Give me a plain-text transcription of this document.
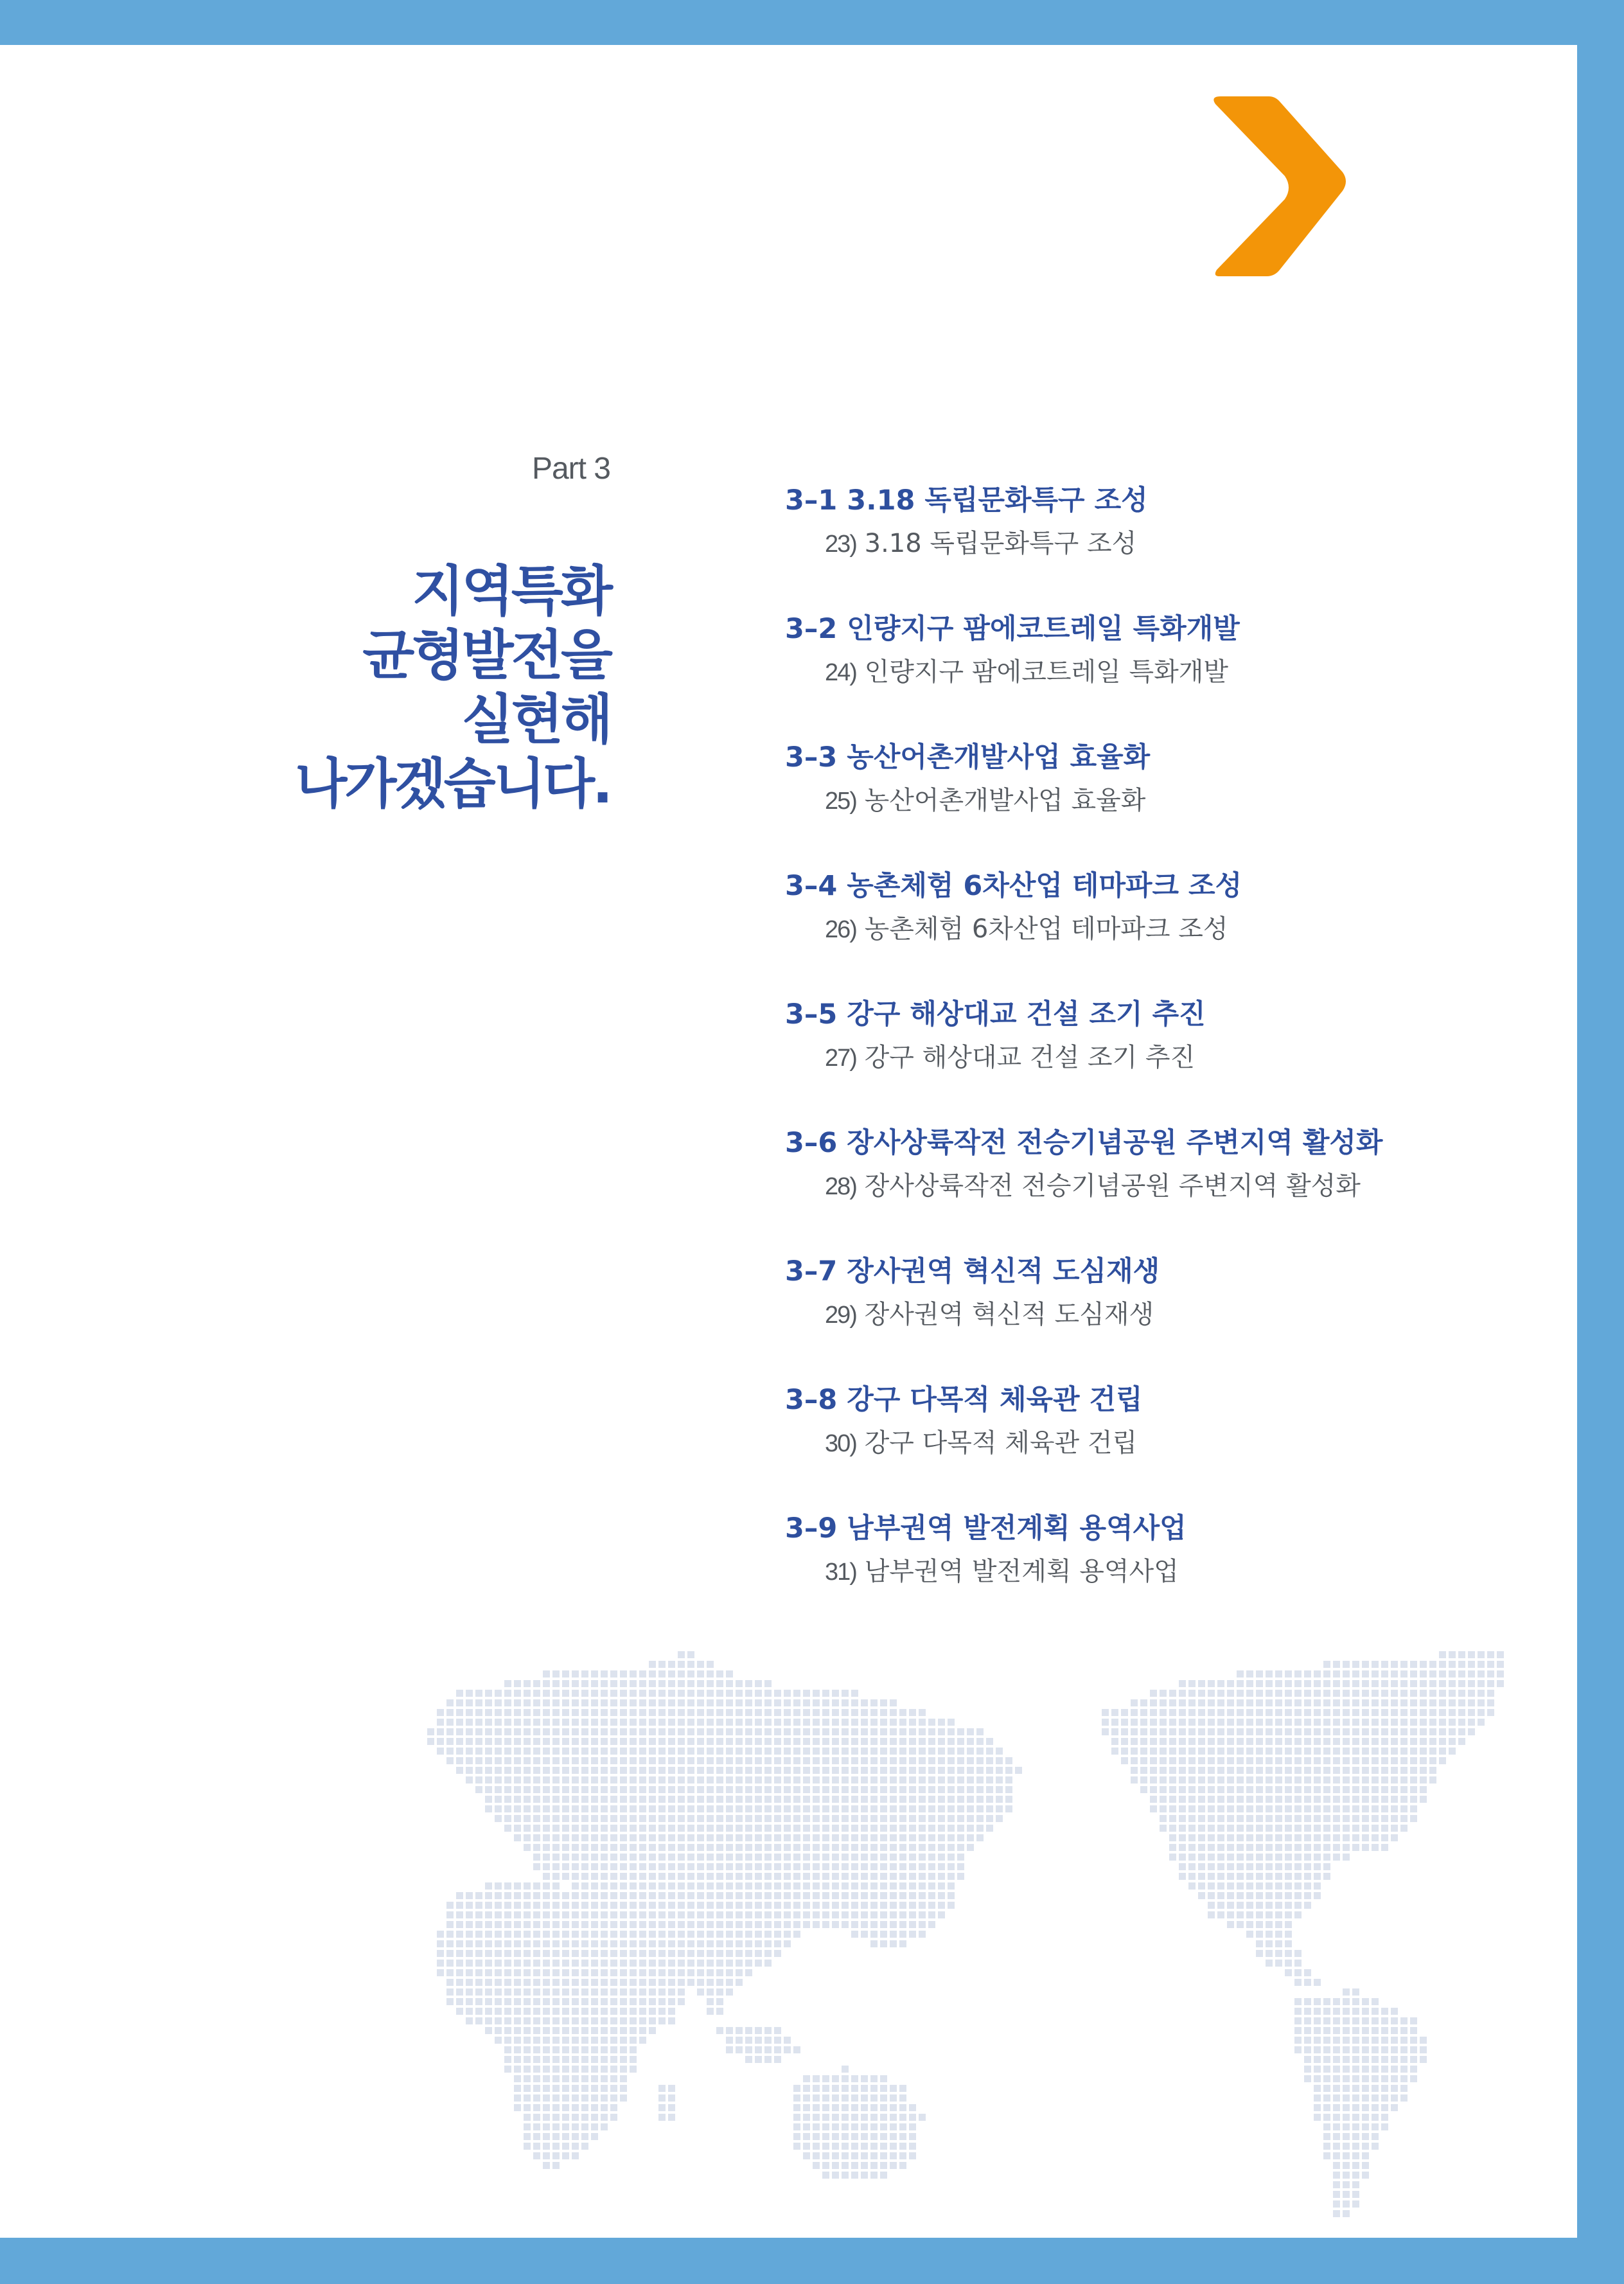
Part 3
지역특화
균형발전을
실현해
나가겠습니다.
3–1 3.18 독립문화특구 조성
23) 3.18 독립문화특구 조성
3–2 인량지구 팜에코트레일 특화개발
24) 인량지구 팜에코트레일 특화개발
3–3 농산어촌개발사업 효율화
25) 농산어촌개발사업 효율화
3–4 농촌체험 6차산업 테마파크 조성
26) 농촌체험 6차산업 테마파크 조성
3–5 강구 해상대교 건설 조기 추진
27) 강구 해상대교 건설 조기 추진
3–6 장사상륙작전 전승기념공원 주변지역 활성화
28) 장사상륙작전 전승기념공원 주변지역 활성화
3–7 장사권역 혁신적 도심재생
29) 장사권역 혁신적 도심재생
3–8 강구 다목적 체육관 건립
30) 강구 다목적 체육관 건립
3–9 남부권역 발전계획 용역사업
31) 남부권역 발전계획 용역사업
